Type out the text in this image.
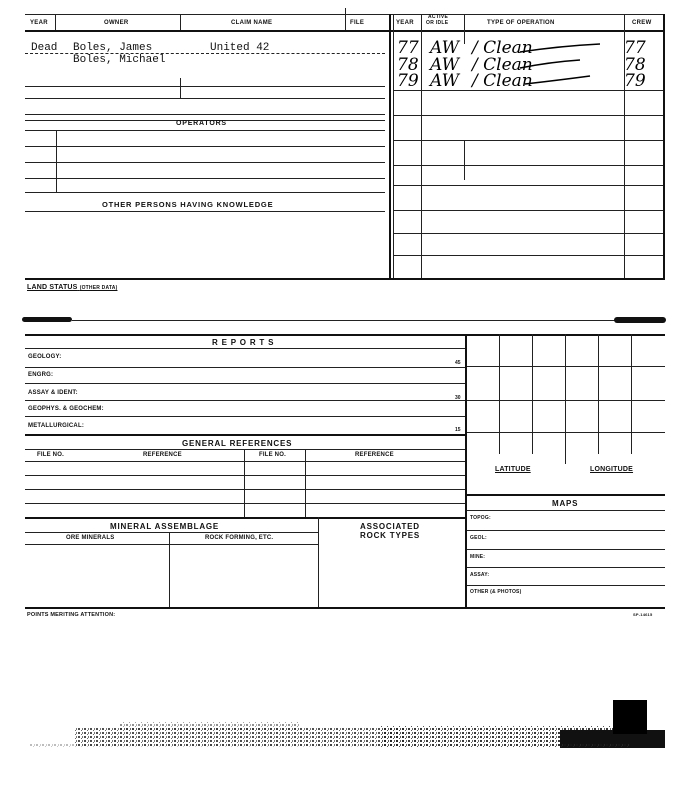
YEAR	OWNER	CLAIM NAME	FILE	YEAR
ACTIVE
OR IDLE	TYPE OF OPERATION	CREW
Dead Boles, James	United 42
Boles, Michael
77 AW / Clean	77
78 AW / Clean	78
79 AW / Clean	79
OPERATORS
OTHER PERSONS HAVING KNOWLEDGE
LAND STATUS (OTHER DATA)
R E P O R T S
GEOLOGY:
45
ENGRG:
ASSAY & IDENT:
30
GEOPHYS. & GEOCHEM:
METALLURGICAL:
15
GENERAL REFERENCES
FILE NO.	REFERENCE	FILE NO.	REFERENCE
MINERAL ASSEMBLAGE	ASSOCIATED
ROCK TYPES
ORE MINERALS	ROCK FORMING, ETC.
LATITUDE	LONGITUDE
MAPS
TOPOG:
GEOL:
MINE:
ASSAY:
OTHER (& PHOTOS)
POINTS MERITING ATTENTION:	SP-14615
